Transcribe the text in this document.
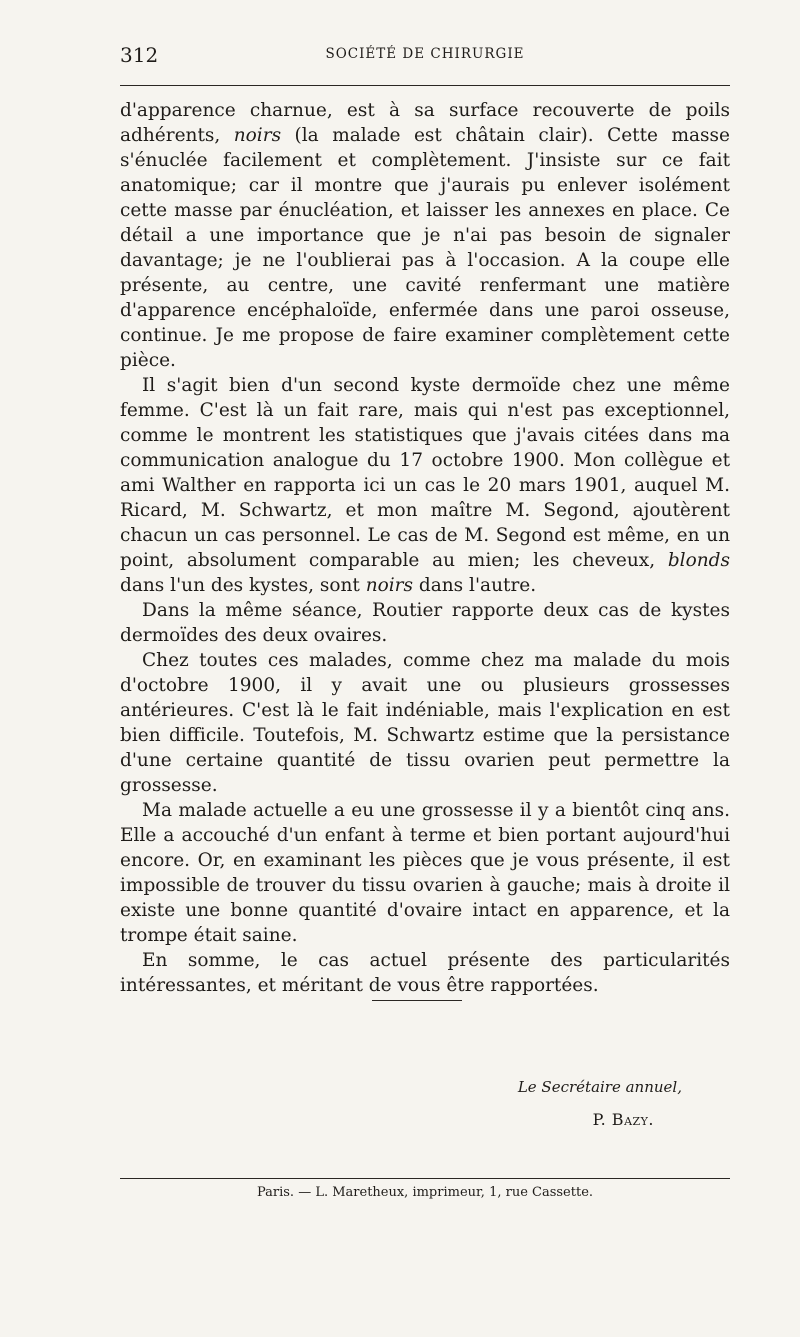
312	SOCIÉTÉ DE CHIRURGIE

d'apparence charnue, est à sa surface recouverte de poils adhérents, noirs (la malade est châtain clair). Cette masse s'énuclée facilement et complètement. J'insiste sur ce fait anatomique; car il montre que j'aurais pu enlever isolément cette masse par énucléation, et laisser les annexes en place. Ce détail a une importance que je n'ai pas besoin de signaler davantage; je ne l'oublierai pas à l'occasion. A la coupe elle présente, au centre, une cavité renfermant une matière d'apparence encéphaloïde, enfermée dans une paroi osseuse, continue. Je me propose de faire examiner complètement cette pièce.

Il s'agit bien d'un second kyste dermoïde chez une même femme. C'est là un fait rare, mais qui n'est pas exceptionnel, comme le montrent les statistiques que j'avais citées dans ma communication analogue du 17 octobre 1900. Mon collègue et ami Walther en rapporta ici un cas le 20 mars 1901, auquel M. Ricard, M. Schwartz, et mon maître M. Segond, ajoutèrent chacun un cas personnel. Le cas de M. Segond est même, en un point, absolument comparable au mien; les cheveux, blonds dans l'un des kystes, sont noirs dans l'autre.

Dans la même séance, Routier rapporte deux cas de kystes dermoïdes des deux ovaires.

Chez toutes ces malades, comme chez ma malade du mois d'octobre 1900, il y avait une ou plusieurs grossesses antérieures. C'est là le fait indéniable, mais l'explication en est bien difficile. Toutefois, M. Schwartz estime que la persistance d'une certaine quantité de tissu ovarien peut permettre la grossesse.

Ma malade actuelle a eu une grossesse il y a bientôt cinq ans. Elle a accouché d'un enfant à terme et bien portant aujourd'hui encore. Or, en examinant les pièces que je vous présente, il est impossible de trouver du tissu ovarien à gauche; mais à droite il existe une bonne quantité d'ovaire intact en apparence, et la trompe était saine.

En somme, le cas actuel présente des particularités intéressantes, et méritant de vous être rapportées.

Le Secrétaire annuel,
P. Bazy.
Paris. — L. Maretheux, imprimeur, 1, rue Cassette.
